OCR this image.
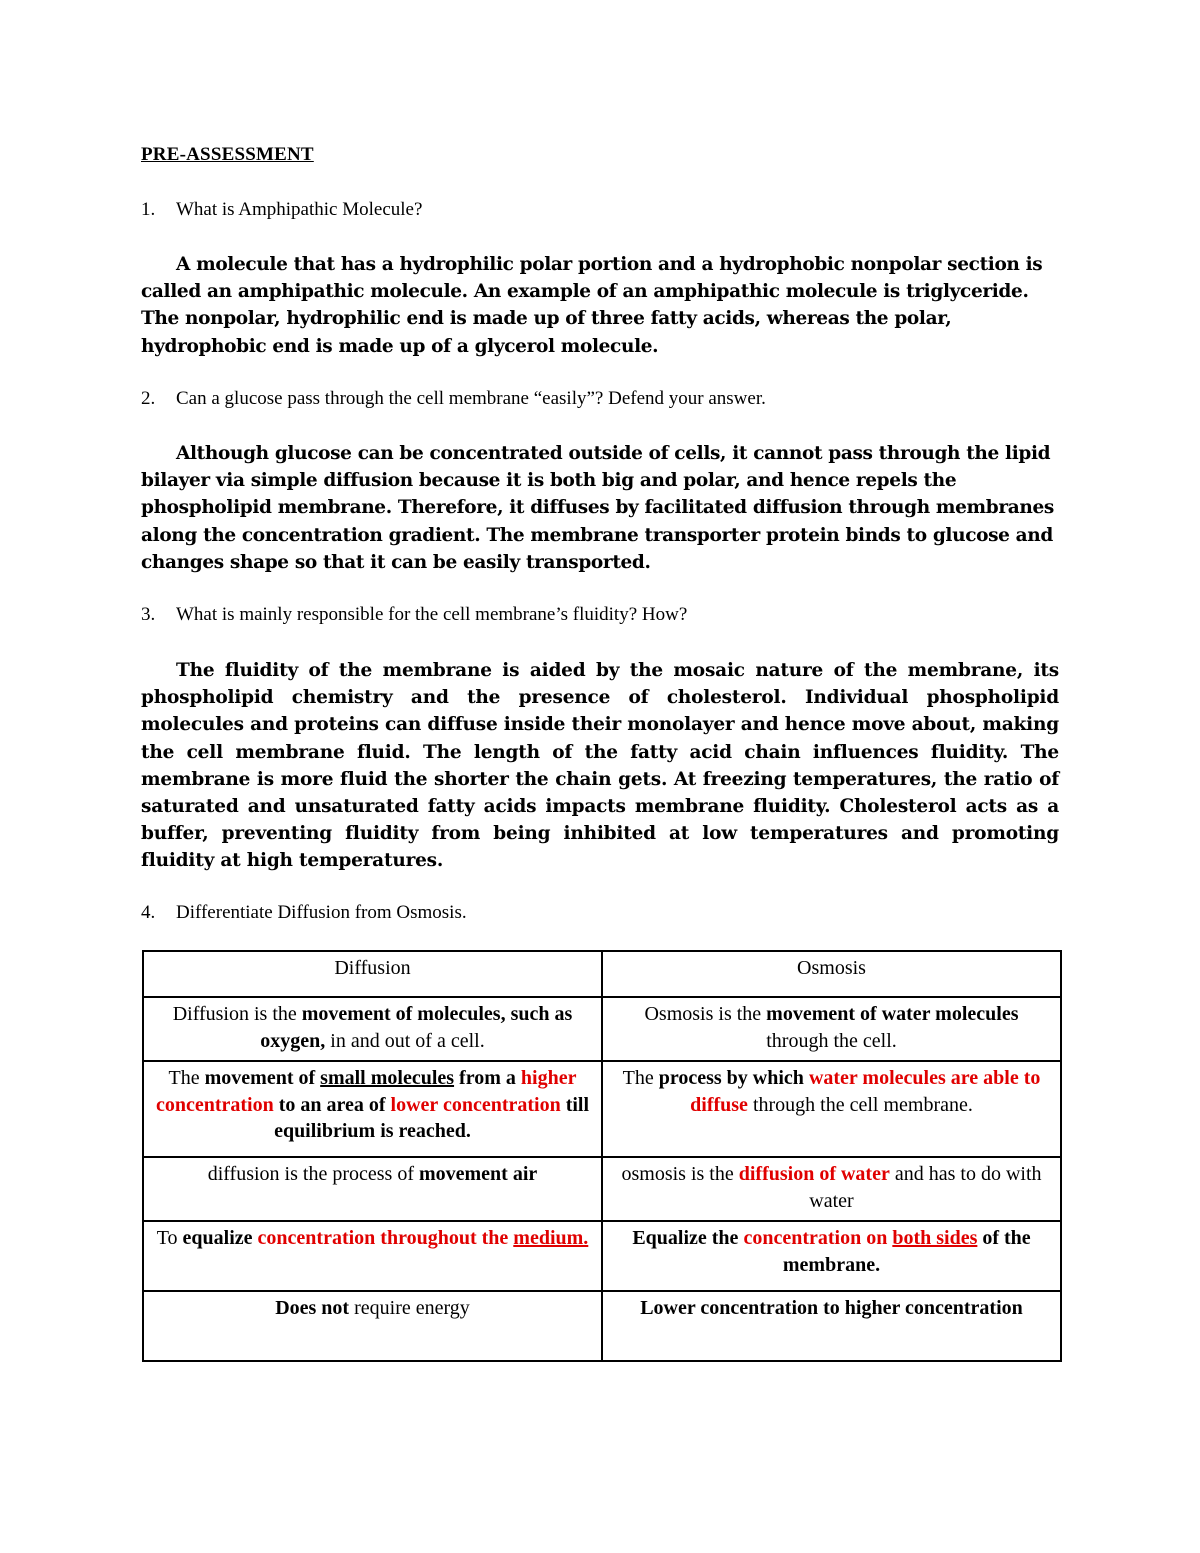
PRE-ASSESSMENT

1. What is Amphipathic Molecule?

A molecule that has a hydrophilic polar portion and a hydrophobic nonpolar section is called an amphipathic molecule. An example of an amphipathic molecule is triglyceride. The nonpolar, hydrophilic end is made up of three fatty acids, whereas the polar, hydrophobic end is made up of a glycerol molecule.

2. Can a glucose pass through the cell membrane “easily”? Defend your answer.

Although glucose can be concentrated outside of cells, it cannot pass through the lipid bilayer via simple diffusion because it is both big and polar, and hence repels the phospholipid membrane. Therefore, it diffuses by facilitated diffusion through membranes along the concentration gradient. The membrane transporter protein binds to glucose and changes shape so that it can be easily transported.

3. What is mainly responsible for the cell membrane’s fluidity? How?

The fluidity of the membrane is aided by the mosaic nature of the membrane, its phospholipid chemistry and the presence of cholesterol. Individual phospholipid molecules and proteins can diffuse inside their monolayer and hence move about, making the cell membrane fluid. The length of the fatty acid chain influences fluidity. The membrane is more fluid the shorter the chain gets. At freezing temperatures, the ratio of saturated and unsaturated fatty acids impacts membrane fluidity. Cholesterol acts as a buffer, preventing fluidity from being inhibited at low temperatures and promoting fluidity at high temperatures.

4. Differentiate Diffusion from Osmosis.

Diffusion	Osmosis
Diffusion is the movement of molecules, such as oxygen, in and out of a cell.	Osmosis is the movement of water molecules through the cell.
The movement of small molecules from a higher concentration to an area of lower concentration till equilibrium is reached.	The process by which water molecules are able to diffuse through the cell membrane.
diffusion is the process of movement air	osmosis is the diffusion of water and has to do with water
To equalize concentration throughout the medium.	Equalize the concentration on both sides of the membrane.
Does not require energy	Lower concentration to higher concentration
